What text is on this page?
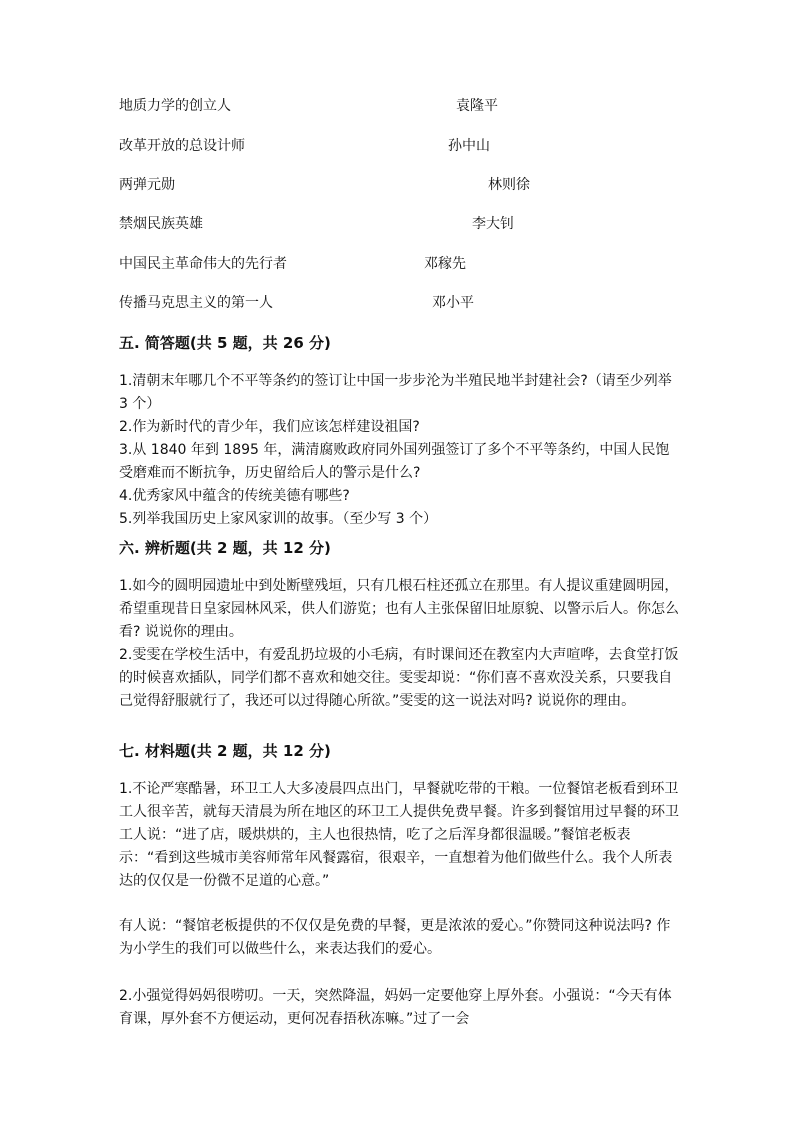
地质力学的创立人	袁隆平
改革开放的总设计师	孙中山
两弹元勋	林则徐
禁烟民族英雄	李大钊
中国民主革命伟大的先行者	邓稼先
传播马克思主义的第一人	邓小平
五. 简答题(共 5 题，共 26 分)

1.清朝末年哪几个不平等条约的签订让中国一步步沦为半殖民地半封建社会?（请至少列举 3 个）

2.作为新时代的青少年，我们应该怎样建设祖国?

3.从 1840 年到 1895 年，满清腐败政府同外国列强签订了多个不平等条约，中国人民饱受磨难而不断抗争，历史留给后人的警示是什么?

4.优秀家风中蕴含的传统美德有哪些?

5.列举我国历史上家风家训的故事。（至少写 3 个）

六. 辨析题(共 2 题，共 12 分)

1.如今的圆明园遗址中到处断壁残垣，只有几根石柱还孤立在那里。有人提议重建圆明园，希望重现昔日皇家园林风采，供人们游览；也有人主张保留旧址原貌、以警示后人。你怎么看? 说说你的理由。

2.雯雯在学校生活中，有爱乱扔垃圾的小毛病，有时课间还在教室内大声喧哗，去食堂打饭的时候喜欢插队，同学们都不喜欢和她交往。雯雯却说：“你们喜不喜欢没关系，只要我自己觉得舒服就行了，我还可以过得随心所欲。”雯雯的这一说法对吗? 说说你的理由。

七. 材料题(共 2 题，共 12 分)
1.不论严寒酷暑，环卫工人大多凌晨四点出门，早餐就吃带的干粮。一位餐馆老板看到环卫工人很辛苦，就每天清晨为所在地区的环卫工人提供免费早餐。许多到餐馆用过早餐的环卫工人说：“进了店，暖烘烘的，主人也很热情，吃了之后浑身都很温暖。”餐馆老板表示：“看到这些城市美容师常年风餐露宿，很艰辛，一直想着为他们做些什么。我个人所表达的仅仅是一份微不足道的心意。”
有人说：“餐馆老板提供的不仅仅是免费的早餐，更是浓浓的爱心。”你赞同这种说法吗? 作为小学生的我们可以做些什么，来表达我们的爱心。
2.小强觉得妈妈很唠叨。一天，突然降温，妈妈一定要他穿上厚外套。小强说：“今天有体育课，厚外套不方便运动，更何况春捂秋冻嘛。”过了一会
